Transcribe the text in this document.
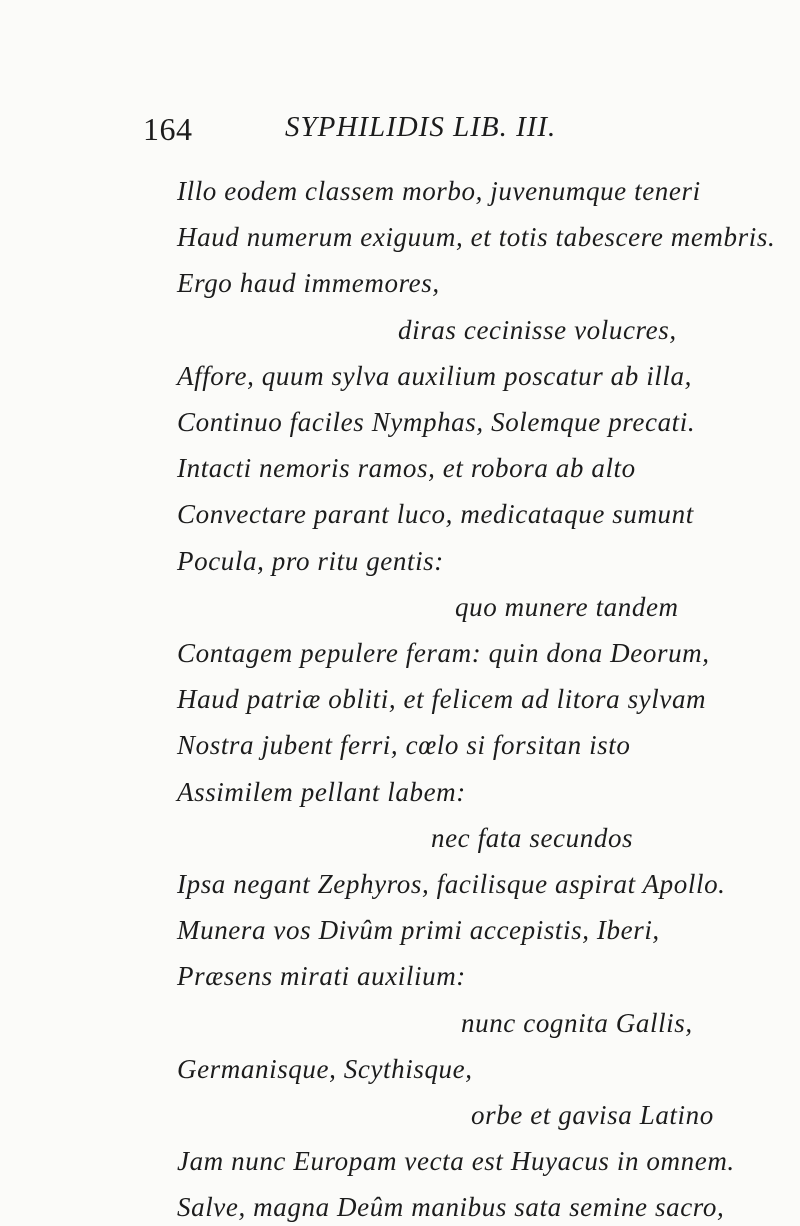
164	SYPHILIDIS LIB. III.
Illo eodem classem morbo, juvenumque teneri
Haud numerum exiguum, et totis tabescere membris.
Ergo haud immemores,
diras cecinisse volucres,
Affore, quum sylva auxilium poscatur ab illa,
Continuo faciles Nymphas, Solemque precati.
Intacti nemoris ramos, et robora ab alto
Convectare parant luco, medicataque sumunt
Pocula, pro ritu gentis:
quo munere tandem
Contagem pepulere feram: quin dona Deorum,
Haud patriæ obliti, et felicem ad litora sylvam
Nostra jubent ferri, cœlo si forsitan isto
Assimilem pellant labem:
nec fata secundos
Ipsa negant Zephyros, facilisque aspirat Apollo.
Munera vos Divûm primi accepistis, Iberi,
Præsens mirati auxilium:
nunc cognita Gallis,
Germanisque, Scythisque,
orbe et gavisa Latino
Jam nunc Europam vecta est Huyacus in omnem.
Salve, magna Deûm manibus sata semine sacro,
